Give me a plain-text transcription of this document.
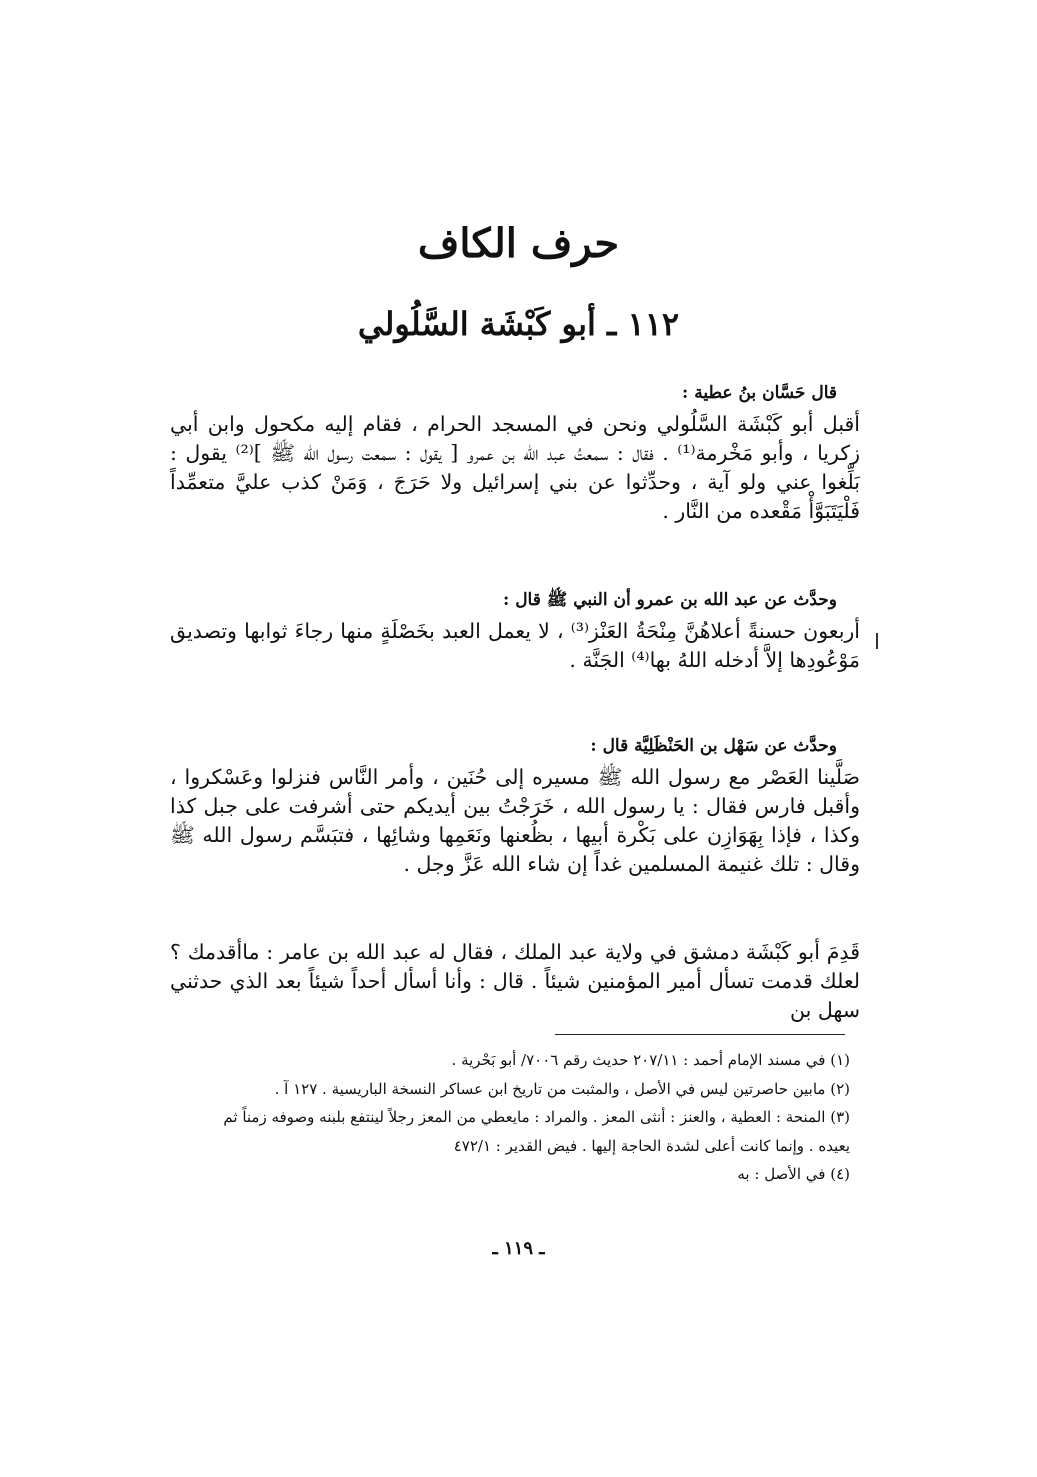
حرف الكاف
١١٢ ـ أبو كَبْشَة السَّلُولي
قال حَسَّان بنُ عطية :

أقبل أبو كَبْشَة السَّلُولي ونحن في المسجد الحرام ، فقام إليه مكحول وابن أبي زكريا ، وأبو مَخْرمة⁽¹⁾ . فقال : سمعتُ عبد الله بن عمرو [ يقول : سمعت رسول الله ﷺ ]⁽²⁾ يقول : بَلِّغوا عني ولو آية ، وحدِّثوا عن بني إسرائيل ولا حَرَجَ ، وَمَنْ كذب عليَّ متعمِّداً فَلْيَتَبَوَّأْ مَقْعده من النَّار .

وحدَّث عن عبد الله بن عمرو أن النبي ﷺ قال :

أربعون حسنةً أعلاهُنَّ مِنْحَةُ العَنْز⁽³⁾ ، لا يعمل العبد بخَصْلَةٍ منها رجاءَ ثوابها وتصديق مَوْعُودِها إلاَّ أدخله اللهُ بها⁽⁴⁾ الجَنَّة .

وحدَّث عن سَهْل بن الحَنْظَلِيَّة قال :

صَلَّينا العَصْر مع رسول الله ﷺ مسيره إلى حُنَين ، وأمر النَّاس فنزلوا وعَسْكروا ، وأقبل فارس فقال : يا رسول الله ، خَرَجْتُ بين أيديكم حتى أشرفت على جبل كذا وكذا ، فإذا بِهَوَازِن على بَكْرة أبيها ، بظُعنها ونَعَمِها وشائِها ، فتبَسَّم رسول الله ﷺ وقال : تلك غنيمة المسلمين غداً إن شاء الله عَزَّ وجل .

قَدِمَ أبو كَبْشَة دمشق في ولاية عبد الملك ، فقال له عبد الله بن عامر : ماأقدمك ؟ لعلك قدمت تسأل أمير المؤمنين شيئاً . قال : وأنا أسأل أحداً شيئاً بعد الذي حدثني سهل بن

(١) في مسند الإمام أحمد : ٢٠٧/١١ حديث رقم ٧٠٠٦/ أبو بَحْرية .

(٢) مابين حاصرتين ليس في الأصل ، والمثبت من تاريخ ابن عساكر النسخة الباريسية . ١٢٧ آ .

(٣) المنحة : العطية ، والعنز : أنثى المعز . والمراد : مايعطي من المعز رجلاً لينتفع بلبنه وصوفه زمناً ثم

يعيده . وإنما كانت أعلى لشدة الحاجة إليها . فيض القدير : ٤٧٢/١

(٤) في الأصل : به

ـ ١١٩ ـ
